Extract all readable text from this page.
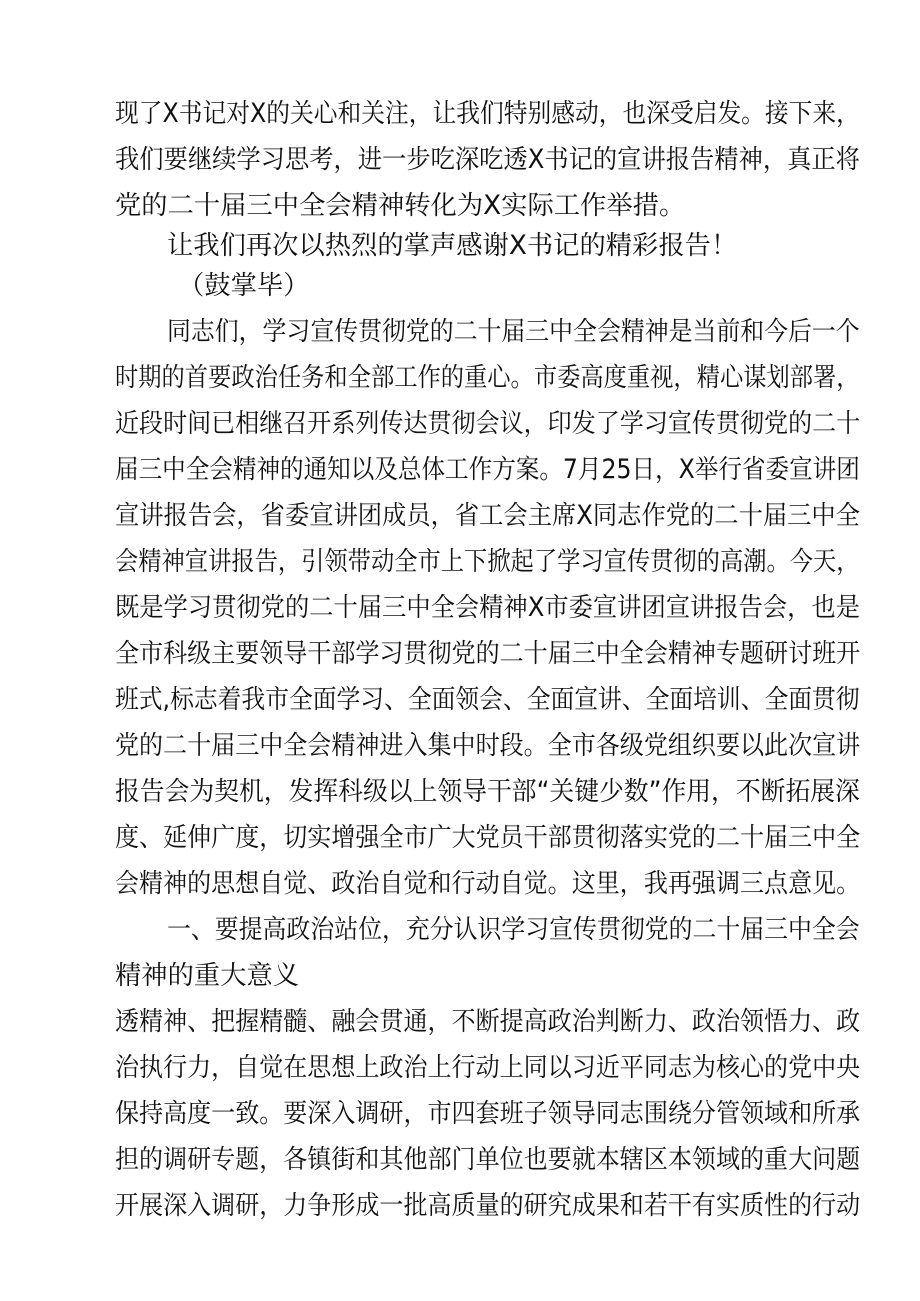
现了X书记对X的关心和关注，让我们特别感动，也深受启发。接下来，
我们要继续学习思考，进一步吃深吃透X书记的宣讲报告精神，真正将
党的二十届三中全会精神转化为X实际工作举措。
让我们再次以热烈的掌声感谢X书记的精彩报告！
（鼓掌毕）
同志们，学习宣传贯彻党的二十届三中全会精神是当前和今后一个
时期的首要政治任务和全部工作的重心。市委高度重视，精心谋划部署，
近段时间已相继召开系列传达贯彻会议，印发了学习宣传贯彻党的二十
届三中全会精神的通知以及总体工作方案。7月25日，X举行省委宣讲团
宣讲报告会，省委宣讲团成员，省工会主席X同志作党的二十届三中全
会精神宣讲报告，引领带动全市上下掀起了学习宣传贯彻的高潮。今天，
既是学习贯彻党的二十届三中全会精神X市委宣讲团宣讲报告会，也是
全市科级主要领导干部学习贯彻党的二十届三中全会精神专题研讨班开
班式,标志着我市全面学习、全面领会、全面宣讲、全面培训、全面贯彻
党的二十届三中全会精神进入集中时段。全市各级党组织要以此次宣讲
报告会为契机，发挥科级以上领导干部“关键少数”作用，不断拓展深
度、延伸广度，切实增强全市广大党员干部贯彻落实党的二十届三中全
会精神的思想自觉、政治自觉和行动自觉。这里，我再强调三点意见。
一、要提高政治站位，充分认识学习宣传贯彻党的二十届三中全会
精神的重大意义
透精神、把握精髓、融会贯通，不断提高政治判断力、政治领悟力、政
治执行力，自觉在思想上政治上行动上同以习近平同志为核心的党中央
保持高度一致。要深入调研，市四套班子领导同志围绕分管领域和所承
担的调研专题，各镇街和其他部门单位也要就本辖区本领域的重大问题
开展深入调研，力争形成一批高质量的研究成果和若干有实质性的行动
